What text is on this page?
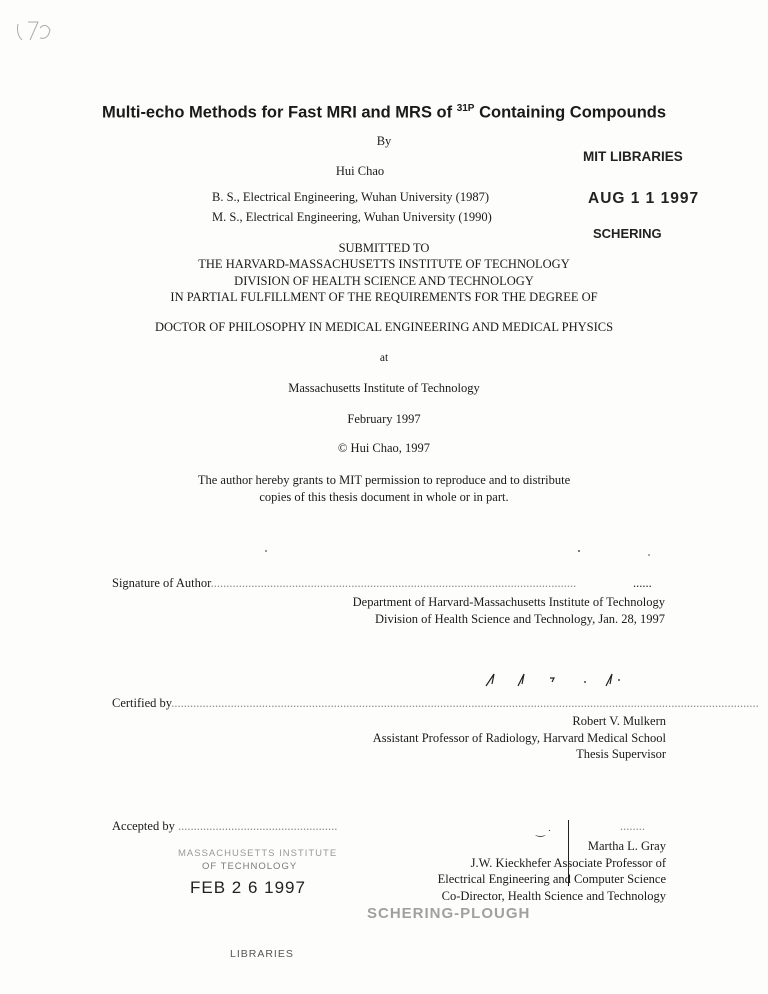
Multi-echo Methods for Fast MRI and MRS of $^{31P}$ Containing Compounds
By
Hui Chao
B. S., Electrical Engineering, Wuhan University (1987)
M. S., Electrical Engineering, Wuhan University (1990)
MIT LIBRARIES
AUG 1 1 1997
SCHERING
SUBMITTED TO
THE HARVARD-MASSACHUSETTS INSTITUTE OF TECHNOLOGY
DIVISION OF HEALTH SCIENCE AND TECHNOLOGY
IN PARTIAL FULFILLMENT OF THE REQUIREMENTS FOR THE DEGREE OF
DOCTOR OF PHILOSOPHY IN MEDICAL ENGINEERING AND MEDICAL PHYSICS
at
Massachusetts Institute of Technology
February 1997
© Hui Chao, 1997
The author hereby grants to MIT permission to reproduce and to distribute
copies of this thesis document in whole or in part.
Signature of Author.....................................................................................................................	......
Department of Harvard-Massachusetts Institute of Technology
Division of Health Science and Technology, Jan. 28, 1997
Certified by............................................................................................................................................................................................
Robert V. Mulkern
Assistant Professor of Radiology, Harvard Medical School
Thesis Supervisor
Accepted by ...................................................	‿ ·	........
Martha L. Gray
J.W. Kieckhefer Associate Professor of
Electrical Engineering and Computer Science
Co-Director, Health Science and Technology
MASSACHUSETTS INSTITUTE
OF TECHNOLOGY
FEB 2 6 1997
LIBRARIES
SCHERING-PLOUGH
